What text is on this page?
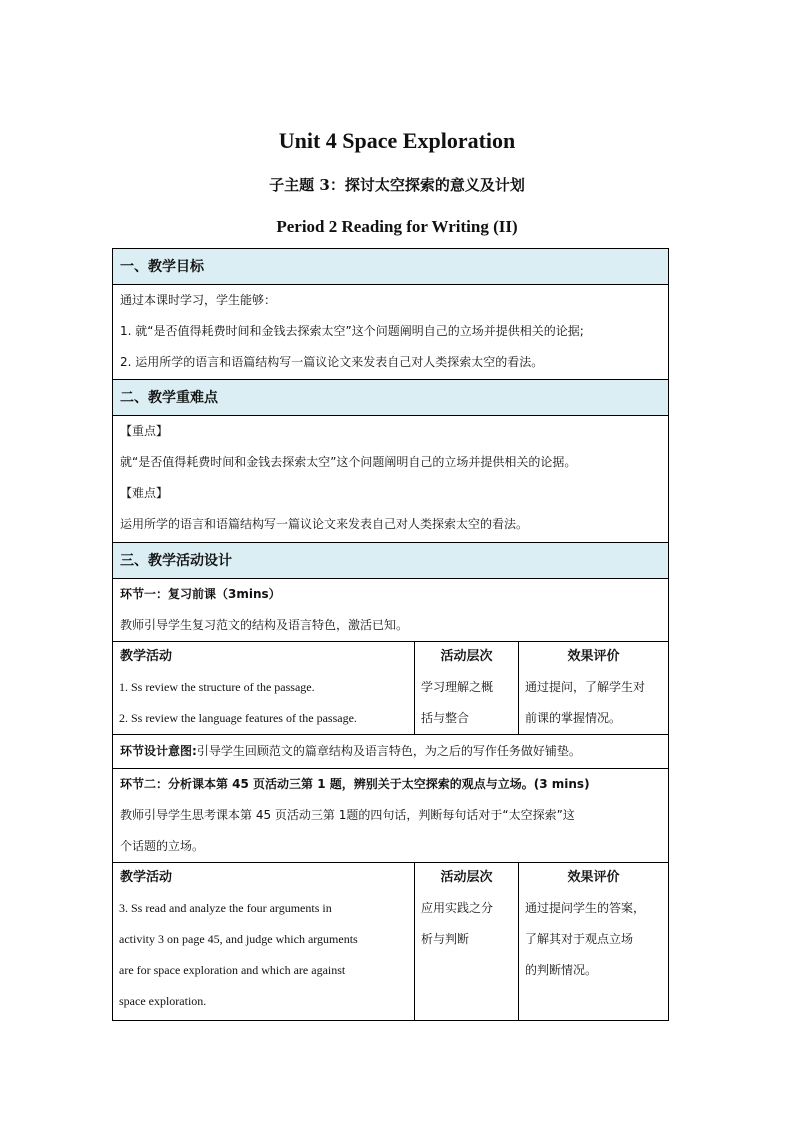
Unit 4 Space Exploration
子主题 3：探讨太空探索的意义及计划
Period 2 Reading for Writing (II)
一、教学目标
通过本课时学习，学生能够：
1. 就“是否值得耗费时间和金钱去探索太空”这个问题阐明自己的立场并提供相关的论据;
2. 运用所学的语言和语篇结构写一篇议论文来发表自己对人类探索太空的看法。
二、教学重难点
【重点】
就“是否值得耗费时间和金钱去探索太空”这个问题阐明自己的立场并提供相关的论据。
【难点】
运用所学的语言和语篇结构写一篇议论文来发表自己对人类探索太空的看法。
三、教学活动设计
环节一：复习前课（3mins）
教师引导学生复习范文的结构及语言特色，激活已知。
教学活动
1. Ss review the structure of the passage.
2. Ss review the language features of the passage.
活动层次
学习理解之概
括与整合
效果评价
通过提问，了解学生对
前课的掌握情况。
环节设计意图:引导学生回顾范文的篇章结构及语言特色，为之后的写作任务做好铺垫。
环节二：分析课本第 45 页活动三第 1 题，辨别关于太空探索的观点与立场。(3 mins)
教师引导学生思考课本第 45 页活动三第 1题的四句话，判断每句话对于“太空探索”这
个话题的立场。
教学活动
3. Ss read and analyze the four arguments in
activity 3 on page 45, and judge which arguments
are for space exploration and which are against
space exploration.
活动层次
应用实践之分
析与判断
效果评价
通过提问学生的答案，
了解其对于观点立场
的判断情况。
